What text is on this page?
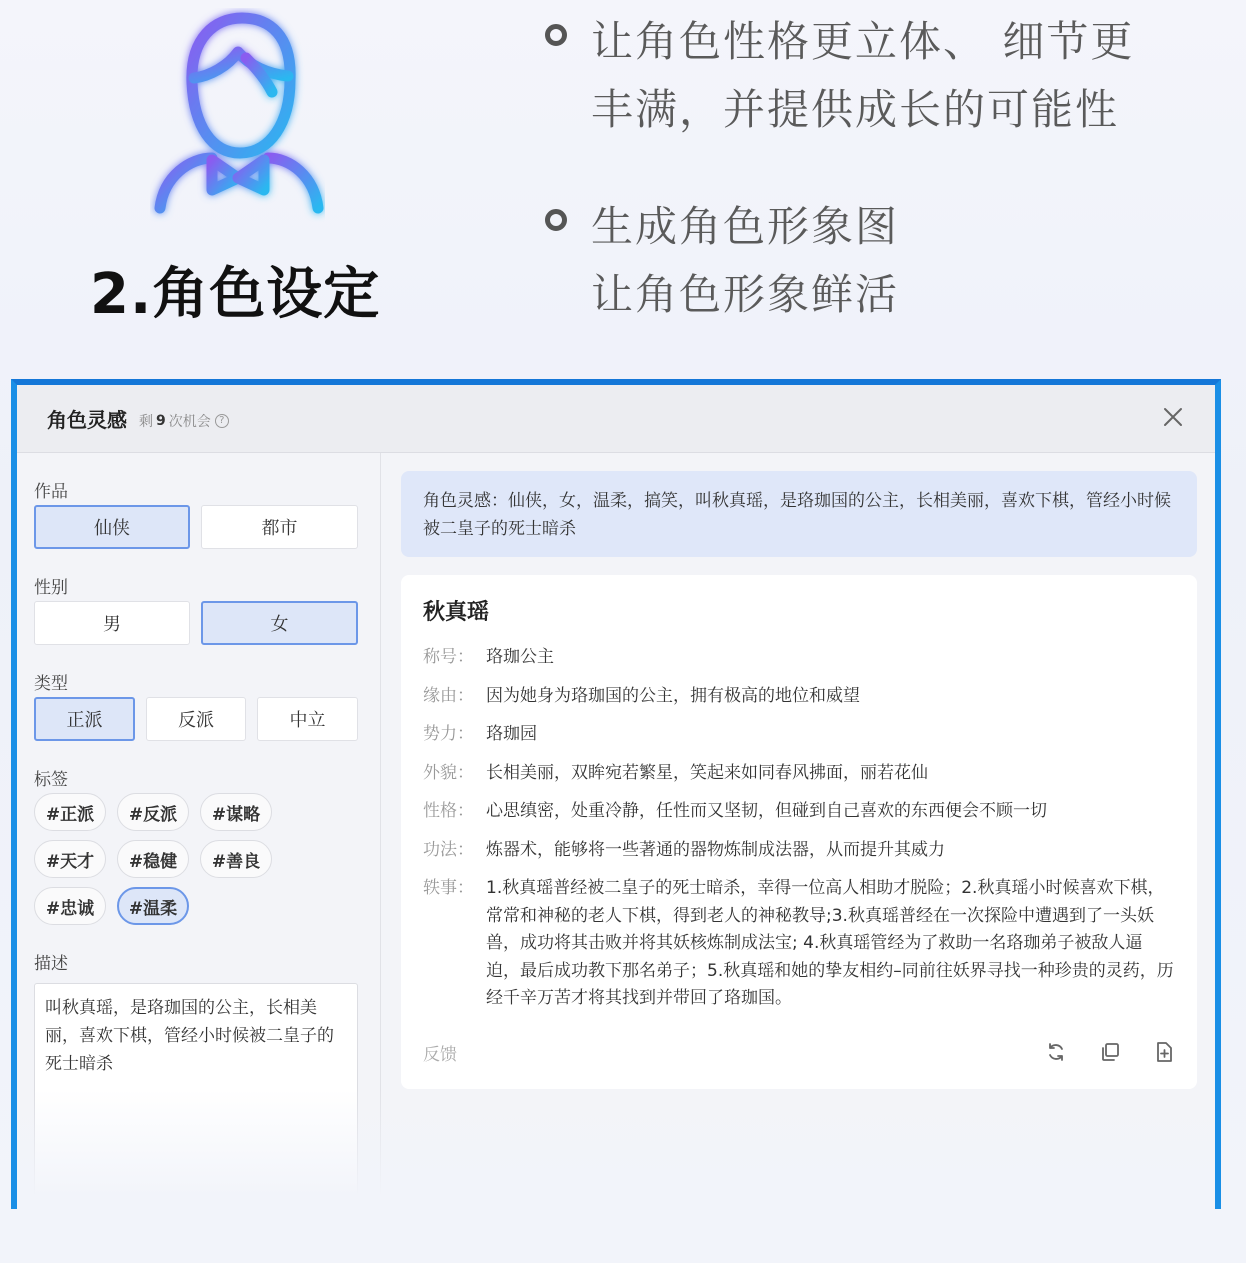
2.角色设定
让角色性格更立体、 细节更
丰满，并提供成长的可能性
生成角色形象图
让角色形象鲜活
角色灵感 剩 9 次机会 ?
作品
仙侠	都市
性别
男	女
类型
正派	反派	中立
标签
#正派	#反派	#谋略
#天才	#稳健	#善良
#忠诚	#温柔
描述
叫秋真瑶，是珞珈国的公主，长相美丽，喜欢下棋，管经小时候被二皇子的死士暗杀
角色灵感：仙侠，女，温柔，搞笑，叫秋真瑶，是珞珈国的公主，长相美丽，喜欢下棋，管经小时候被二皇子的死士暗杀
秋真瑶
称号： 珞珈公主
缘由： 因为她身为珞珈国的公主，拥有极高的地位和威望
势力： 珞珈园
外貌： 长相美丽，双眸宛若繁星，笑起来如同春风拂面，丽若花仙
性格： 心思缜密，处重冷静，任性而又坚韧，但碰到自己喜欢的东西便会不顾一切
功法： 炼器术，能够将一些著通的器物炼制成法器，从而提升其威力
轶事： 1.秋真瑶普经被二皇子的死士暗杀，幸得一位高人相助才脱险；2.秋真瑶小时候喜欢下棋，常常和神秘的老人下棋，得到老人的神秘教导;3.秋真瑶普经在一次探险中遭遇到了一头妖兽，成功将其击败并将其妖核炼制成法宝; 4.秋真瑶管经为了救助一名珞珈弟子被敌人逼迫，最后成功教下那名弟子；5.秋真瑶和她的挚友相约–同前往妖界寻找一种珍贵的灵药，历经千辛万苦才将其找到并带回了珞珈国。
反馈
